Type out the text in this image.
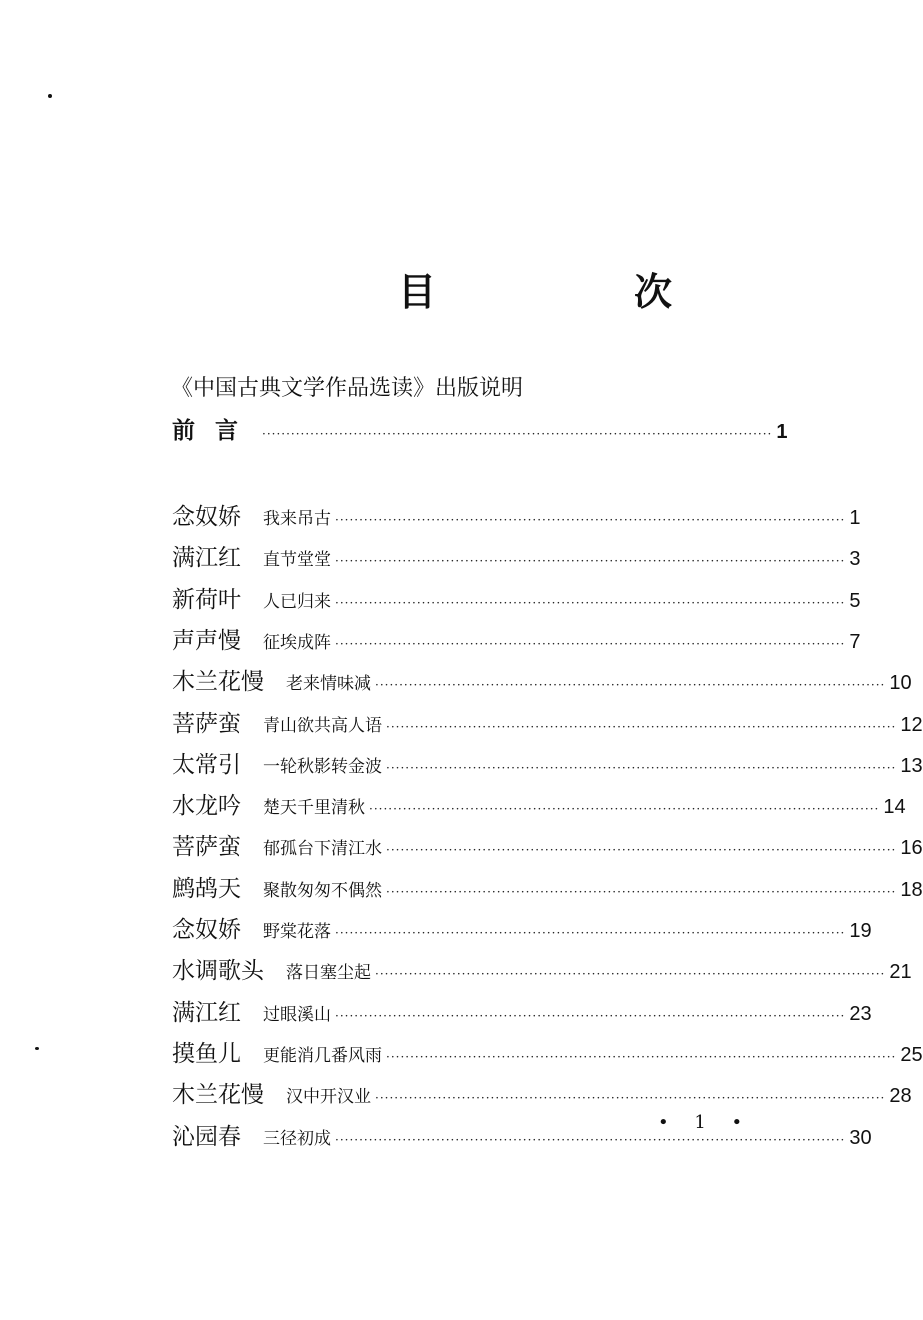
目　次
《中国古典文学作品选读》出版说明
前言 ·········································································································· 1
念奴娇 我来吊古 ·········································································································· 1
满江红 直节堂堂 ·········································································································· 3
新荷叶 人已归来 ·········································································································· 5
声声慢 征埃成阵 ·········································································································· 7
木兰花慢 老来情味减 ·········································································································· 10
菩萨蛮 青山欲共高人语 ·········································································································· 12
太常引 一轮秋影转金波 ·········································································································· 13
水龙吟 楚天千里清秋 ·········································································································· 14
菩萨蛮 郁孤台下清江水 ·········································································································· 16
鹧鸪天 聚散匆匆不偶然 ·········································································································· 18
念奴娇 野棠花落 ·········································································································· 19
水调歌头 落日塞尘起 ·········································································································· 21
满江红 过眼溪山 ·········································································································· 23
摸鱼儿 更能消几番风雨 ·········································································································· 25
木兰花慢 汉中开汉业 ·········································································································· 28
沁园春 三径初成 ·········································································································· 30
• 1 •
